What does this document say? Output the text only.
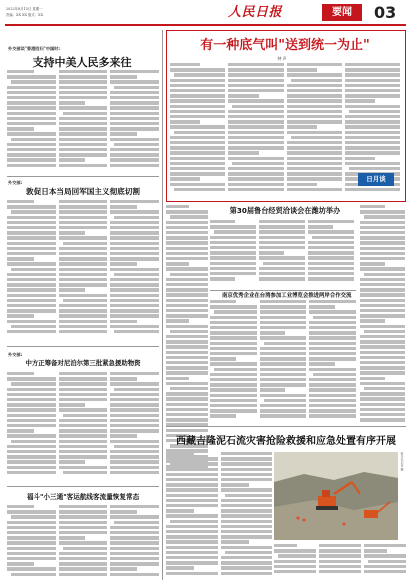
2022年8月15日 星期一
责编：XX XX 版式：XX	人民日报	要闻	03
外交部谈"香港回归"中国时:
支持中美人民多来往
外交部:
敦促日本当局回军国主义彻底切割
外交部:
中方正筹备对尼泊尔第三批紧急援助物资
福斗"小三通"客运航线客流量恢复常态
有一种底气叫"送到统一为止"
钟 声
日月谈
第30届鲁台经贸洽谈会在潍坊举办
南京优秀企业在台湾参加工业博览会推进两岸合作交流
西藏吉隆泥石流灾害抢险救援和应急处置有序开展
新华社记者 摄
